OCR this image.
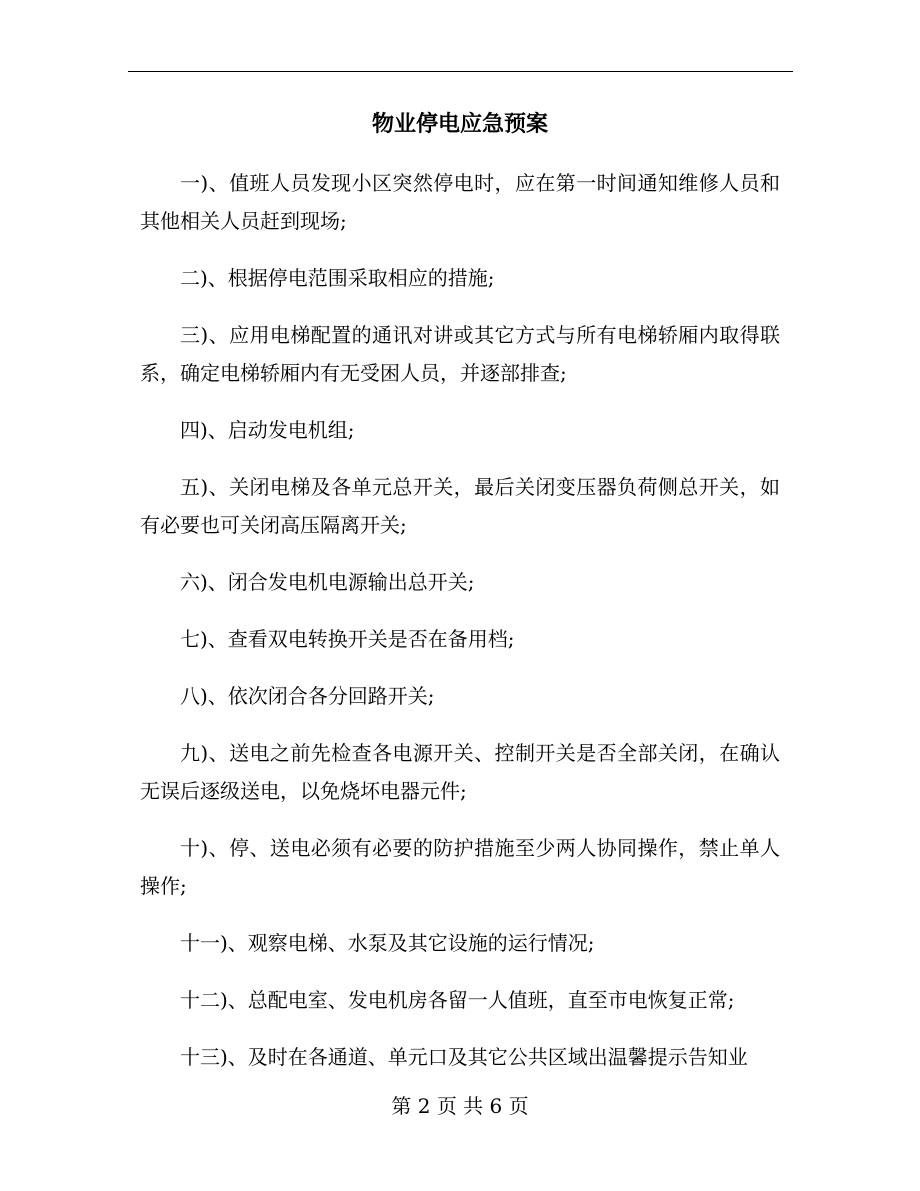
物业停电应急预案

一)、值班人员发现小区突然停电时，应在第一时间通知维修人员和其他相关人员赶到现场;

二)、根据停电范围采取相应的措施;

三)、应用电梯配置的通讯对讲或其它方式与所有电梯轿厢内取得联系，确定电梯轿厢内有无受困人员，并逐部排查;

四)、启动发电机组;

五)、关闭电梯及各单元总开关，最后关闭变压器负荷侧总开关，如有必要也可关闭高压隔离开关;

六)、闭合发电机电源输出总开关;

七)、查看双电转换开关是否在备用档;

八)、依次闭合各分回路开关;

九)、送电之前先检查各电源开关、控制开关是否全部关闭，在确认无误后逐级送电，以免烧坏电器元件;

十)、停、送电必须有必要的防护措施至少两人协同操作，禁止单人操作;

十一)、观察电梯、水泵及其它设施的运行情况;

十二)、总配电室、发电机房各留一人值班，直至市电恢复正常;

十三)、及时在各通道、单元口及其它公共区域出温馨提示告知业

第 2 页 共 6 页
